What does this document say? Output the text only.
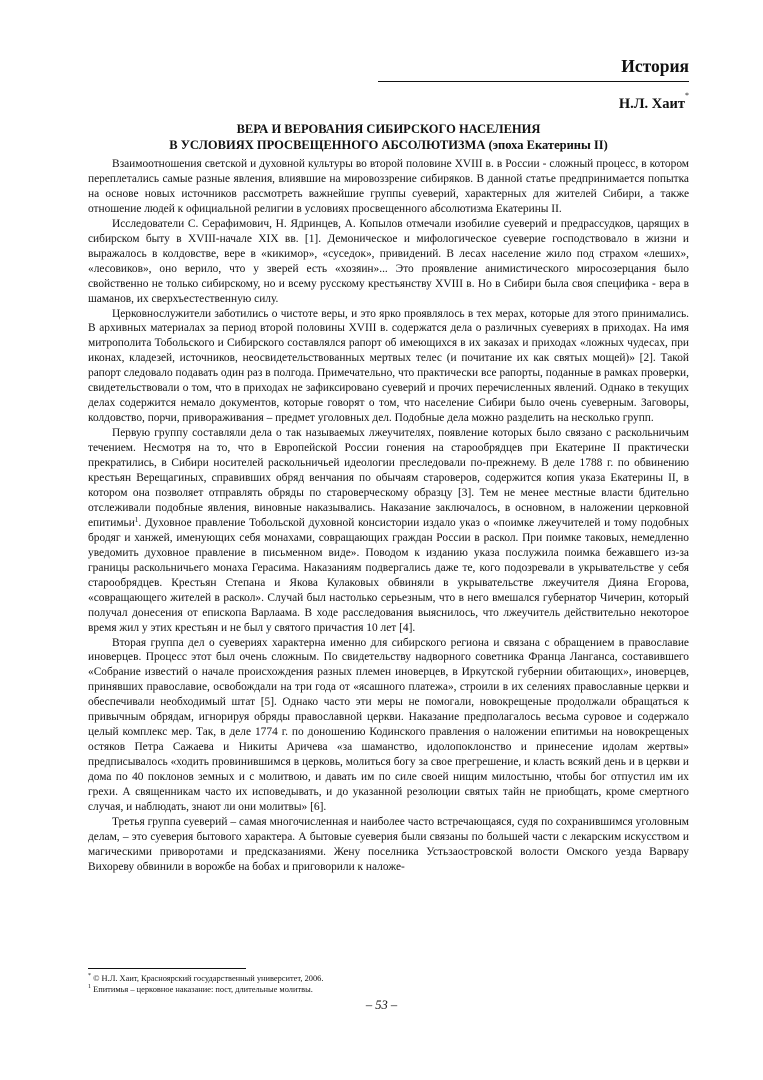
История
Н.Л. Хаит*
ВЕРА И ВЕРОВАНИЯ СИБИРСКОГО НАСЕЛЕНИЯ
В УСЛОВИЯХ ПРОСВЕЩЕННОГО АБСОЛЮТИЗМА (эпоха Екатерины II)

Взаимоотношения светской и духовной культуры во второй половине XVIII в. в России - сложный процесс, в котором переплетались самые разные явления, влиявшие на мировоззрение сибиряков. В данной статье предпринимается попытка на основе новых источников рассмотреть важнейшие группы суеверий, характерных для жителей Сибири, а также отношение людей к официальной религии в условиях просвещенного абсолютизма Екатерины II.

Исследователи С. Серафимович, Н. Ядринцев, А. Копылов отмечали изобилие суеверий и предрассудков, царящих в сибирском быту в XVIII-начале XIX вв. [1]. Демоническое и мифологическое суеверие господствовало в жизни и выражалось в колдовстве, вере в «кикимор», «суседок», привидений. В лесах население жило под страхом «леших», «лесовиков», оно верило, что у зверей есть «хозяин»... Это проявление анимистического миросозерцания было свойственно не только сибирскому, но и всему русскому крестьянству XVIII в. Но в Сибири была своя специфика - вера в шаманов, их сверхъестественную силу.

Церковнослужители заботились о чистоте веры, и это ярко проявлялось в тех мерах, которые для этого принимались. В архивных материалах за период второй половины XVIII в. содержатся дела о различных суевериях в приходах. На имя митрополита Тобольского и Сибирского составлялся рапорт об имеющихся в их заказах и приходах «ложных чудесах, при иконах, кладезей, источников, неосвидетельствованных мертвых телес (и почитание их как святых мощей)» [2]. Такой рапорт следовало подавать один раз в полгода. Примечательно, что практически все рапорты, поданные в рамках проверки, свидетельствовали о том, что в приходах не зафиксировано суеверий и прочих перечисленных явлений. Однако в текущих делах содержится немало документов, которые говорят о том, что население Сибири было очень суеверным. Заговоры, колдовство, порчи, привораживания – предмет уголовных дел. Подобные дела можно разделить на несколько групп.

Первую группу составляли дела о так называемых лжеучителях, появление которых было связано с раскольничьим течением. Несмотря на то, что в Европейской России гонения на старообрядцев при Екатерине II практически прекратились, в Сибири носителей раскольничьей идеологии преследовали по-прежнему. В деле 1788 г. по обвинению крестьян Верещагиных, справивших обряд венчания по обычаям староверов, содержится копия указа Екатерины II, в котором она позволяет отправлять обряды по староверческому образцу [3]. Тем не менее местные власти бдительно отслеживали подобные явления, виновные наказывались. Наказание заключалось, в основном, в наложении церковной епитимьи$^1$. Духовное правление Тобольской духовной консистории издало указ о «поимке лжеучителей и тому подобных бродяг и ханжей, именующих себя монахами, совращающих граждан России в раскол. При поимке таковых, немедленно уведомить духовное правление в письменном виде». Поводом к изданию указа послужила поимка бежавшего из-за границы раскольничьего монаха Герасима. Наказаниям подвергались даже те, кого подозревали в укрывательстве у себя старообрядцев. Крестьян Степана и Якова Кулаковых обвиняли в укрывательстве лжеучителя Дияна Егорова, «совращающего жителей в раскол». Случай был настолько серьезным, что в него вмешался губернатор Чичерин, который получал донесения от епископа Варлаама. В ходе расследования выяснилось, что лжеучитель действительно некоторое время жил у этих крестьян и не был у святого причастия 10 лет [4].

Вторая группа дел о суевериях характерна именно для сибирского региона и связана с обращением в православие иноверцев. Процесс этот был очень сложным. По свидетельству надворного советника Франца Ланганса, составившего «Собрание известий о начале происхождения разных племен иноверцев, в Иркутской губернии обитающих», иноверцев, принявших православие, освобождали на три года от «ясашного платежа», строили в их селениях православные церкви и обеспечивали необходимый штат [5]. Однако часто эти меры не помогали, новокрещеные продолжали обращаться к привычным обрядам, игнорируя обряды православной церкви. Наказание предполагалось весьма суровое и содержало целый комплекс мер. Так, в деле 1774 г. по доношению Кодинского правления о наложении епитимьи на новокрещеных остяков Петра Сажаева и Никиты Аричева «за шаманство, идолопоклонство и принесение идолам жертвы» предписывалось «ходить провинившимся в церковь, молиться богу за свое прегрешение, и класть всякий день и в церкви и дома по 40 поклонов земных и с молитвою, и давать им по силе своей нищим милостыню, чтобы бог отпустил им их грехи. А священникам часто их исповедывать, и до указанной резолюции святых тайн не приобщать, кроме смертного случая, и наблюдать, знают ли они молитвы» [6].

Третья группа суеверий – самая многочисленная и наиболее часто встречающаяся, судя по сохранившимся уголовным делам, – это суеверия бытового характера. А бытовые суеверия были связаны по большей части с лекарским искусством и магическими приворотами и предсказаниями. Жену поселника Устьзаостровской волости Омского уезда Варвару Вихореву обвинили в ворожбе на бобах и приговорили к наложе-

* © Н.Л. Хаит, Красноярский государственный университет, 2006.

$^1$ Епитимья – церковное наказание: пост, длительные молитвы.

– 53 –
